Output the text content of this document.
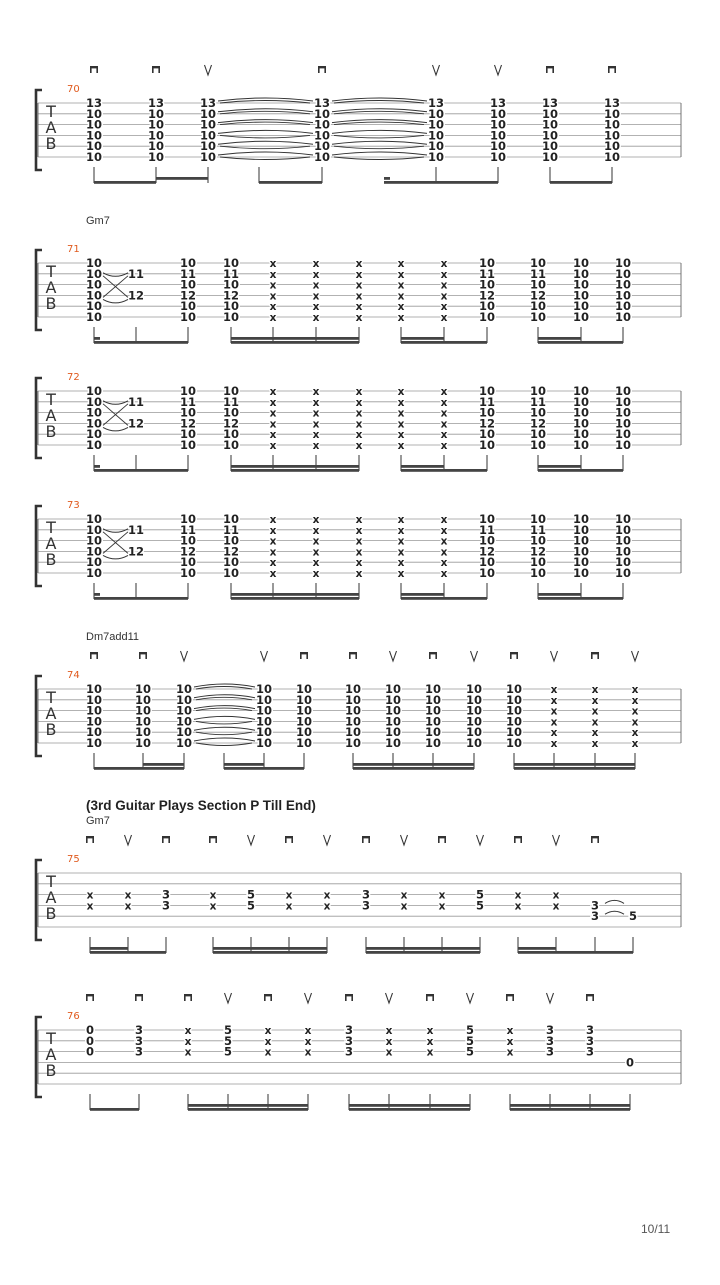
T
A
B
70
13
10
10
10
10
10
13
10
10
10
10
10
13
10
10
10
10
10
13
10
10
10
10
10
13
10
10
10
10
10
13
10
10
10
10
10
13
10
10
10
10
10
13
10
10
10
10
10
T
A
B
71
10
10
10
10
10
10
11
12
10
11
10
12
10
10
10
11
10
12
10
10
x
x
x
x
x
x
x
x
x
x
x
x
x
x
x
x
x
x
x
x
x
x
x
x
x
x
x
x
x
x
10
11
10
12
10
10
10
11
10
12
10
10
10
10
10
10
10
10
10
10
10
10
10
10
T
A
B
72
10
10
10
10
10
10
11
12
10
11
10
12
10
10
10
11
10
12
10
10
x
x
x
x
x
x
x
x
x
x
x
x
x
x
x
x
x
x
x
x
x
x
x
x
x
x
x
x
x
x
10
11
10
12
10
10
10
11
10
12
10
10
10
10
10
10
10
10
10
10
10
10
10
10
T
A
B
73
10
10
10
10
10
10
11
12
10
11
10
12
10
10
10
11
10
12
10
10
x
x
x
x
x
x
x
x
x
x
x
x
x
x
x
x
x
x
x
x
x
x
x
x
x
x
x
x
x
x
10
11
10
12
10
10
10
11
10
12
10
10
10
10
10
10
10
10
10
10
10
10
10
10
T
A
B
74
10
10
10
10
10
10
10
10
10
10
10
10
10
10
10
10
10
10
10
10
10
10
10
10
10
10
10
10
10
10
10
10
10
10
10
10
10
10
10
10
10
10
10
10
10
10
10
10
10
10
10
10
10
10
10
10
10
10
10
10
x
x
x
x
x
x
x
x
x
x
x
x
x
x
x
x
x
x
T
A
B
75
x
x
x
x
3
3
x
x
5
5
x
x
x
x
3
3
x
x
x
x
5
5
x
x
x
x	3
3	5
T
A
B
76
0
0
0
3
3
3
x
x
x
5
5
5
x
x
x
x
x
x
3
3
3
x
x
x
x
x
x
5
5
5
x
x
x
3
3
3
3
3
3
0
Gm7
Dm7add11
(3rd Guitar Plays Section P Till End)
Gm7
10/11
